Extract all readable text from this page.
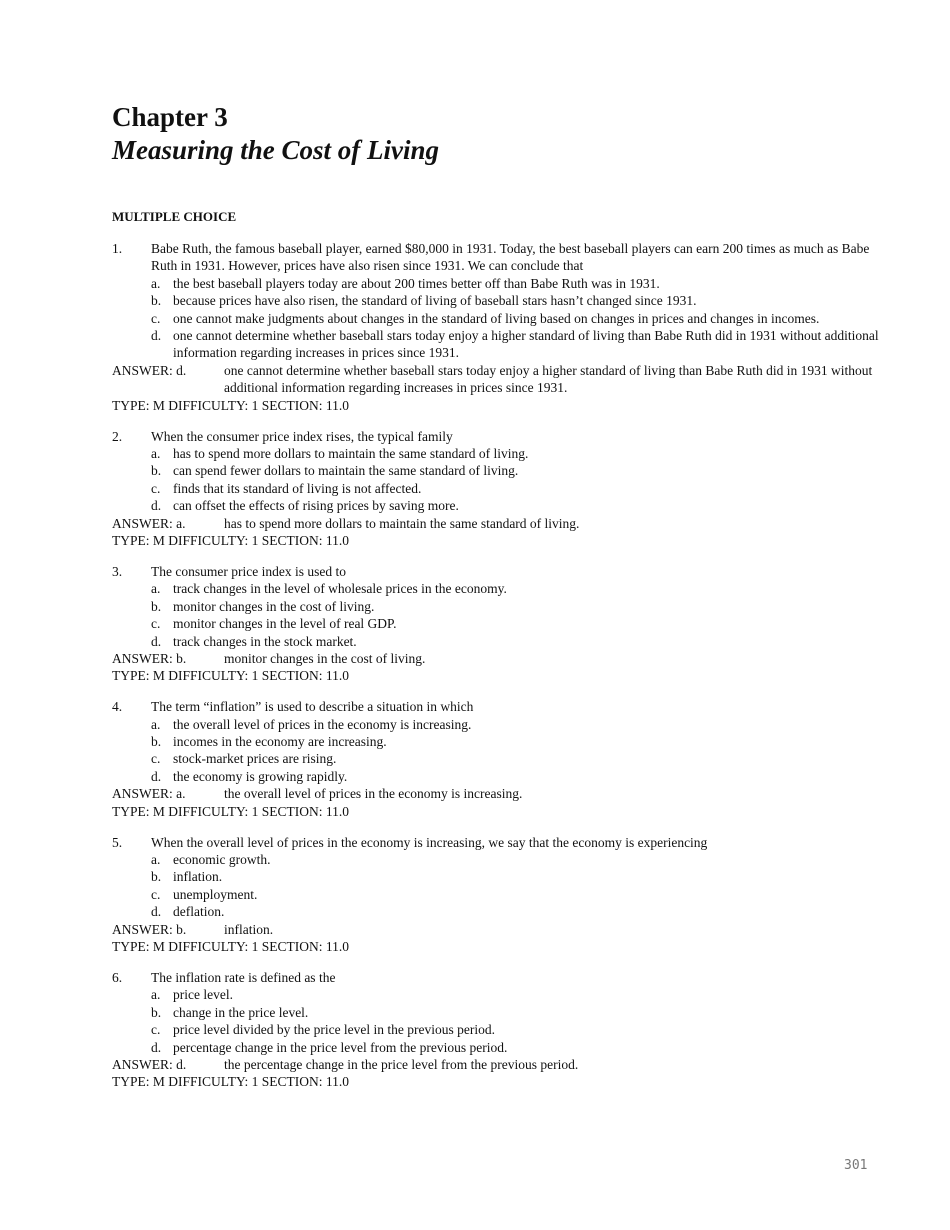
Chapter 3
Measuring the Cost of Living
MULTIPLE CHOICE
1.	Babe Ruth, the famous baseball player, earned $80,000 in 1931. Today, the best baseball players can earn 200 times as much as Babe Ruth in 1931. However, prices have also risen since 1931. We can conclude that
a. the best baseball players today are about 200 times better off than Babe Ruth was in 1931.
b. because prices have also risen, the standard of living of baseball stars hasn’t changed since 1931.
c. one cannot make judgments about changes in the standard of living based on changes in prices and changes in incomes.
d. one cannot determine whether baseball stars today enjoy a higher standard of living than Babe Ruth did in 1931 without additional information regarding increases in prices since 1931.
ANSWER: d.	one cannot determine whether baseball stars today enjoy a higher standard of living than Babe Ruth did in 1931 without additional information regarding increases in prices since 1931.
TYPE: M DIFFICULTY: 1 SECTION: 11.0
2.	When the consumer price index rises, the typical family
a. has to spend more dollars to maintain the same standard of living.
b. can spend fewer dollars to maintain the same standard of living.
c. finds that its standard of living is not affected.
d. can offset the effects of rising prices by saving more.
ANSWER: a.	has to spend more dollars to maintain the same standard of living.
TYPE: M DIFFICULTY: 1 SECTION: 11.0
3.	The consumer price index is used to
a. track changes in the level of wholesale prices in the economy.
b. monitor changes in the cost of living.
c. monitor changes in the level of real GDP.
d. track changes in the stock market.
ANSWER: b.	monitor changes in the cost of living.
TYPE: M DIFFICULTY: 1 SECTION: 11.0
4.	The term “inflation” is used to describe a situation in which
a. the overall level of prices in the economy is increasing.
b. incomes in the economy are increasing.
c. stock-market prices are rising.
d. the economy is growing rapidly.
ANSWER: a.	the overall level of prices in the economy is increasing.
TYPE: M DIFFICULTY: 1 SECTION: 11.0
5.	When the overall level of prices in the economy is increasing, we say that the economy is experiencing
a. economic growth.
b. inflation.
c. unemployment.
d. deflation.
ANSWER: b.	inflation.
TYPE: M DIFFICULTY: 1 SECTION: 11.0
6.	The inflation rate is defined as the
a. price level.
b. change in the price level.
c. price level divided by the price level in the previous period.
d. percentage change in the price level from the previous period.
ANSWER: d.	the percentage change in the price level from the previous period.
TYPE: M DIFFICULTY: 1 SECTION: 11.0
301
